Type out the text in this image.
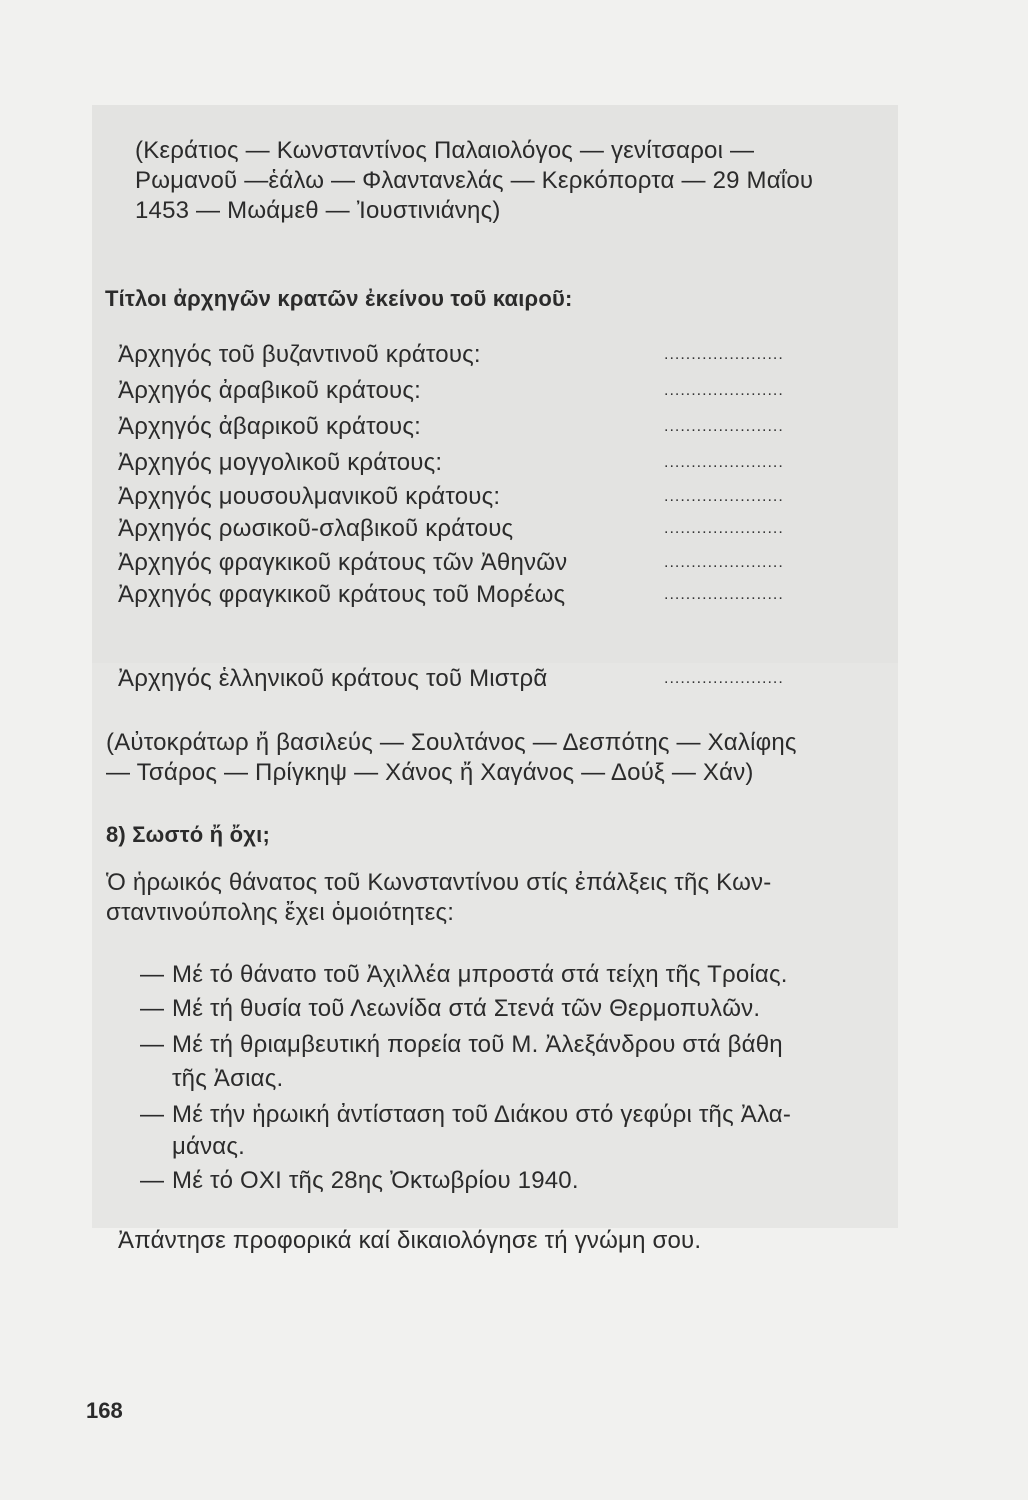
(Κεράτιος — Κωνσταντίνος Παλαιολόγος — γενίτσαροι —
Ρωμανοῦ —ἑάλω — Φλαντανελάς — Κερκόπορτα — 29 Μαΐου
1453 — Μωάμεθ — Ἰουστινιάνης)
Τίτλοι ἀρχηγῶν κρατῶν ἐκείνου τοῦ καιροῦ:
Ἀρχηγός τοῦ βυζαντινοῦ κράτους:	......................
Ἀρχηγός ἀραβικοῦ κράτους:	......................
Ἀρχηγός ἀβαρικοῦ κράτους:	......................
Ἀρχηγός μογγολικοῦ κράτους:	......................
Ἀρχηγός μουσουλμανικοῦ κράτους:	......................
Ἀρχηγός ρωσικοῦ-σλαβικοῦ κράτους	......................
Ἀρχηγός φραγκικοῦ κράτους τῶν Ἀθηνῶν	......................
Ἀρχηγός φραγκικοῦ κράτους τοῦ Μορέως	......................
Ἀρχηγός ἑλληνικοῦ κράτους τοῦ Μιστρᾶ	......................
(Αὐτοκράτωρ ἤ βασιλεύς — Σουλτάνος — Δεσπότης — Χαλίφης
— Τσάρος — Πρίγκηψ — Χάνος ἤ Χαγάνος — Δούξ — Χάν)
8) Σωστό ἤ ὄχι;
Ὁ ἡρωικός θάνατος τοῦ Κωνσταντίνου στίς ἐπάλξεις τῆς Κων-
σταντινούπολης ἔχει ὁμοιότητες:
— Μέ τό θάνατο τοῦ Ἀχιλλέα μπροστά στά τείχη τῆς Τροίας.
— Μέ τή θυσία τοῦ Λεωνίδα στά Στενά τῶν Θερμοπυλῶν.
— Μέ τή θριαμβευτική πορεία τοῦ Μ. Ἀλεξάνδρου στά βάθη
τῆς Ἀσιας.
— Μέ τήν ἡρωική ἀντίσταση τοῦ Διάκου στό γεφύρι τῆς Ἀλα-
μάνας.
— Μέ τό ΟΧΙ τῆς 28ης Ὀκτωβρίου 1940.
Ἀπάντησε προφορικά καί δικαιολόγησε τή γνώμη σου.
168
